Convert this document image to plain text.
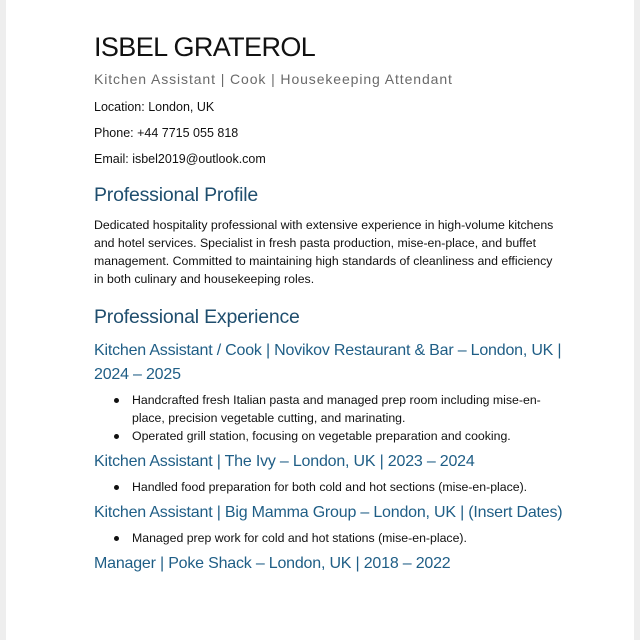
ISBEL GRATEROL
Kitchen Assistant | Cook | Housekeeping Attendant
Location: London, UK
Phone: +44 7715 055 818
Email: isbel2019@outlook.com
Professional Profile
Dedicated hospitality professional with extensive experience in high-volume kitchens and hotel services. Specialist in fresh pasta production, mise-en-place, and buffet management. Committed to maintaining high standards of cleanliness and efficiency in both culinary and housekeeping roles.
Professional Experience
Kitchen Assistant / Cook | Novikov Restaurant & Bar – London, UK | 2024 – 2025
Handcrafted fresh Italian pasta and managed prep room including mise-en-place, precision vegetable cutting, and marinating.
Operated grill station, focusing on vegetable preparation and cooking.
Kitchen Assistant | The Ivy – London, UK | 2023 – 2024
Handled food preparation for both cold and hot sections (mise-en-place).
Kitchen Assistant | Big Mamma Group – London, UK | (Insert Dates)
Managed prep work for cold and hot stations (mise-en-place).
Manager | Poke Shack – London, UK | 2018 – 2022
